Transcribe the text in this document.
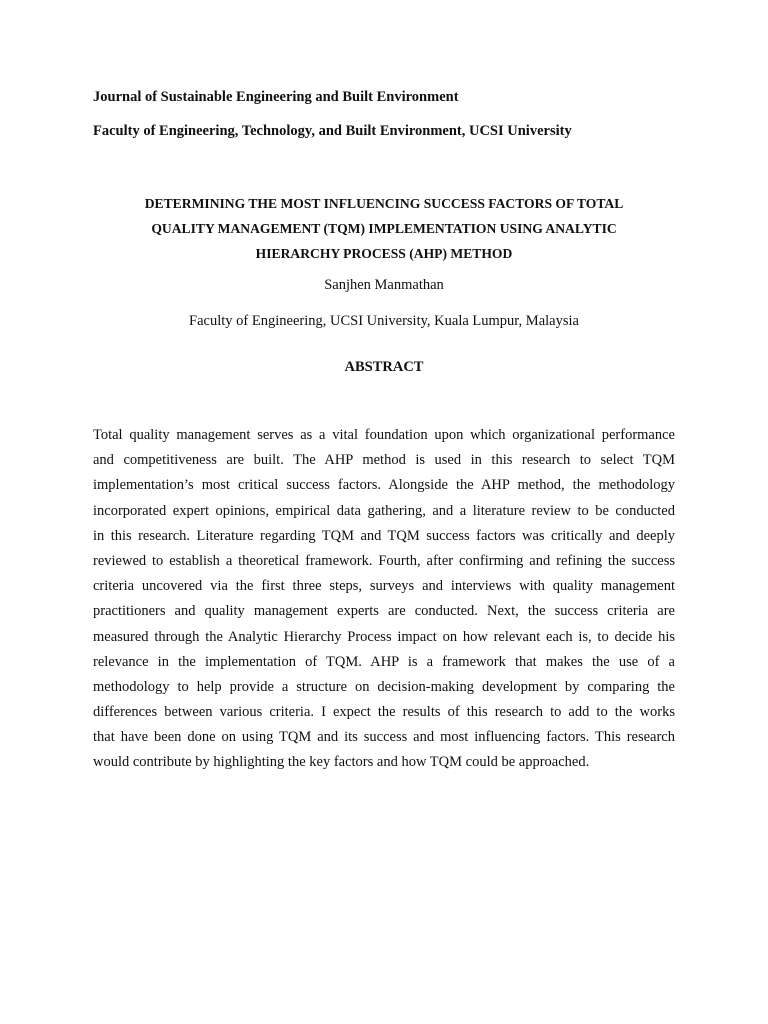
Journal of Sustainable Engineering and Built Environment
Faculty of Engineering, Technology, and Built Environment, UCSI University
DETERMINING THE MOST INFLUENCING SUCCESS FACTORS OF TOTAL
QUALITY MANAGEMENT (TQM) IMPLEMENTATION USING ANALYTIC
HIERARCHY PROCESS (AHP) METHOD
Sanjhen Manmathan
Faculty of Engineering, UCSI University, Kuala Lumpur, Malaysia
ABSTRACT
Total quality management serves as a vital foundation upon which organizational performance
and competitiveness are built. The AHP method is used in this research to select TQM
implementation’s most critical success factors. Alongside the AHP method, the methodology
incorporated expert opinions, empirical data gathering, and a literature review to be conducted
in this research. Literature regarding TQM and TQM success factors was critically and deeply
reviewed to establish a theoretical framework. Fourth, after confirming and refining the success
criteria uncovered via the first three steps, surveys and interviews with quality management
practitioners and quality management experts are conducted. Next, the success criteria are
measured through the Analytic Hierarchy Process impact on how relevant each is, to decide his
relevance in the implementation of TQM. AHP is a framework that makes the use of a
methodology to help provide a structure on decision-making development by comparing the
differences between various criteria. I expect the results of this research to add to the works
that have been done on using TQM and its success and most influencing factors. This research
would contribute by highlighting the key factors and how TQM could be approached.
